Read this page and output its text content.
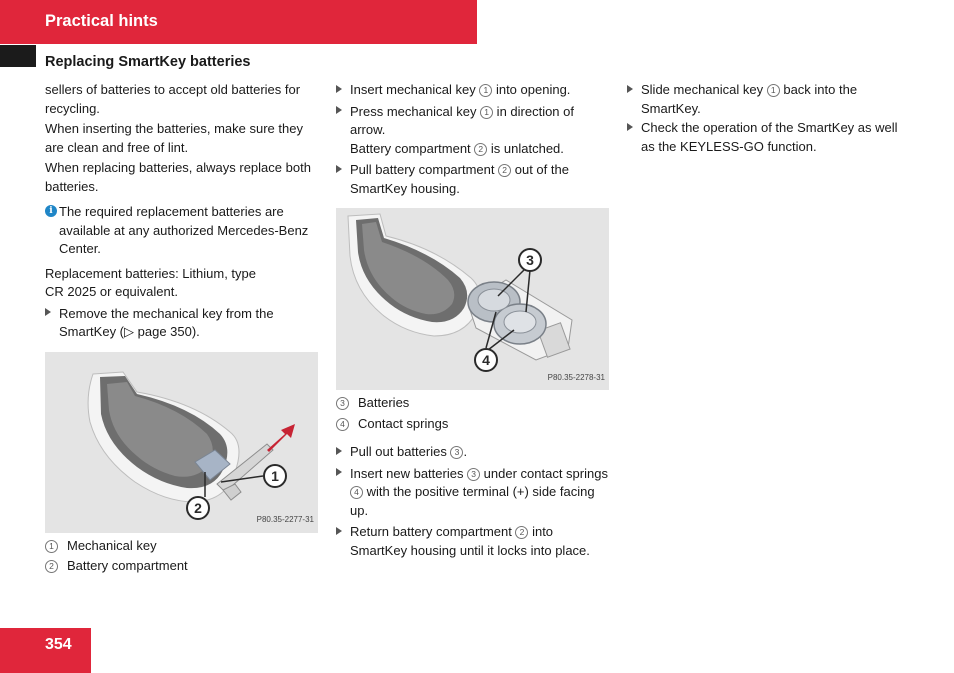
Practical hints
Replacing SmartKey batteries

sellers of batteries to accept old batteries for recycling.

When inserting the batteries, make sure they are clean and free of lint.

When replacing batteries, always replace both batteries.

i The required replacement batteries are available at any authorized Mercedes-Benz Center.

Replacement batteries: Lithium, type
CR 2025 or equivalent.

Remove the mechanical key from the SmartKey (▷ page 350).
1
2
P80.35-2277-31
1	Mechanical key
2	Battery compartment
Insert mechanical key 1 into opening.
Press mechanical key 1 in direction of arrow.
Battery compartment 2 is unlatched.
Pull battery compartment 2 out of the SmartKey housing.
3
4
P80.35-2278-31
3	Batteries
4	Contact springs
Pull out batteries 3 .
Insert new batteries 3 under contact springs 4 with the positive terminal (+) side facing up.
Return battery compartment 2 into SmartKey housing until it locks into place.
Slide mechanical key 1 back into the SmartKey.
Check the operation of the SmartKey as well as the KEYLESS-GO function.
354
